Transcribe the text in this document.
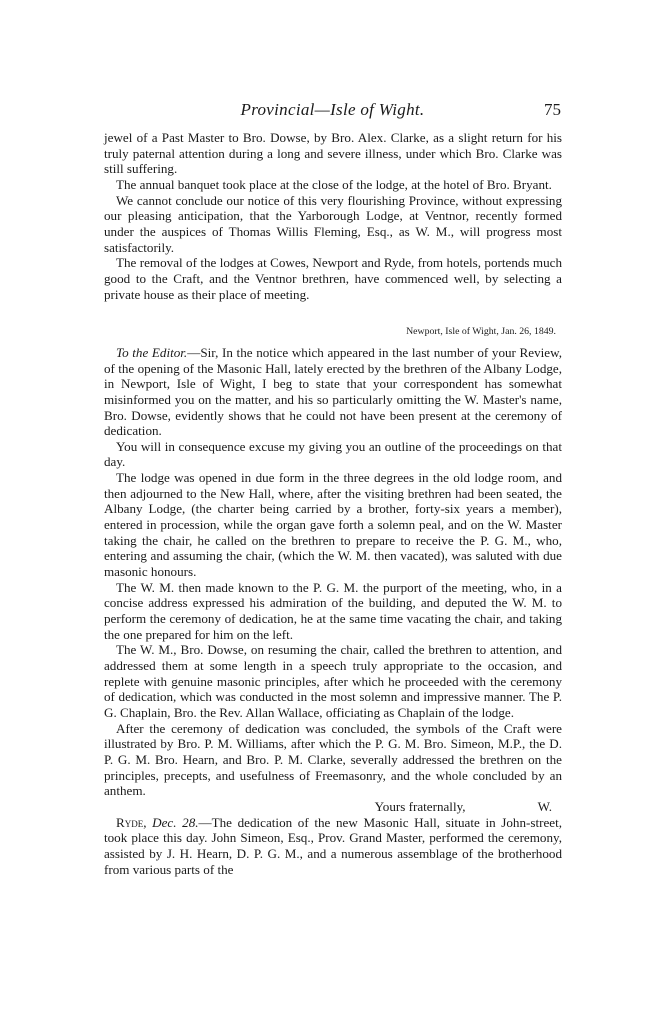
Provincial—Isle of Wight.	75

jewel of a Past Master to Bro. Dowse, by Bro. Alex. Clarke, as a slight return for his truly paternal attention during a long and severe illness, under which Bro. Clarke was still suffering.

The annual banquet took place at the close of the lodge, at the hotel of Bro. Bryant.

We cannot conclude our notice of this very flourishing Province, without expressing our pleasing anticipation, that the Yarborough Lodge, at Ventnor, recently formed under the auspices of Thomas Willis Fleming, Esq., as W. M., will progress most satisfactorily.

The removal of the lodges at Cowes, Newport and Ryde, from hotels, portends much good to the Craft, and the Ventnor brethren, have commenced well, by selecting a private house as their place of meeting.

Newport, Isle of Wight, Jan. 26, 1849.

To the Editor.—Sir, In the notice which appeared in the last number of your Review, of the opening of the Masonic Hall, lately erected by the brethren of the Albany Lodge, in Newport, Isle of Wight, I beg to state that your correspondent has somewhat misinformed you on the matter, and his so particularly omitting the W. Master's name, Bro. Dowse, evidently shows that he could not have been present at the ceremony of dedication.

You will in consequence excuse my giving you an outline of the proceedings on that day.

The lodge was opened in due form in the three degrees in the old lodge room, and then adjourned to the New Hall, where, after the visiting brethren had been seated, the Albany Lodge, (the charter being carried by a brother, forty-six years a member), entered in procession, while the organ gave forth a solemn peal, and on the W. Master taking the chair, he called on the brethren to prepare to receive the P. G. M., who, entering and assuming the chair, (which the W. M. then vacated), was saluted with due masonic honours.

The W. M. then made known to the P. G. M. the purport of the meeting, who, in a concise address expressed his admiration of the building, and deputed the W. M. to perform the ceremony of dedication, he at the same time vacating the chair, and taking the one prepared for him on the left.

The W. M., Bro. Dowse, on resuming the chair, called the brethren to attention, and addressed them at some length in a speech truly appropriate to the occasion, and replete with genuine masonic principles, after which he proceeded with the ceremony of dedication, which was conducted in the most solemn and impressive manner. The P. G. Chaplain, Bro. the Rev. Allan Wallace, officiating as Chaplain of the lodge.

After the ceremony of dedication was concluded, the symbols of the Craft were illustrated by Bro. P. M. Williams, after which the P. G. M. Bro. Simeon, M.P., the D. P. G. M. Bro. Hearn, and Bro. P. M. Clarke, severally addressed the brethren on the principles, precepts, and usefulness of Freemasonry, and the whole concluded by an anthem.

Yours fraternally,	W.

Ryde, Dec. 28.—The dedication of the new Masonic Hall, situate in John-street, took place this day. John Simeon, Esq., Prov. Grand Master, performed the ceremony, assisted by J. H. Hearn, D. P. G. M., and a numerous assemblage of the brotherhood from various parts of the
